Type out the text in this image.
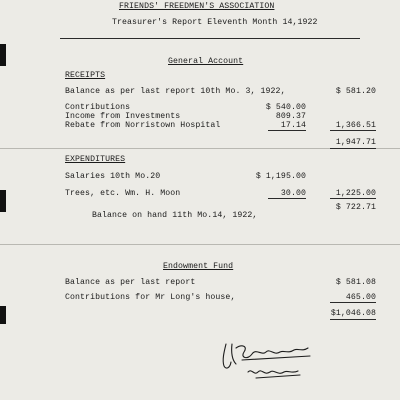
FRIENDS' FREEDMEN'S ASSOCIATION
Treasurer's Report Eleventh Month 14,1922
General Account
RECEIPTS
Balance as per last report 10th Mo. 3, 1922,	$ 581.20
Contributions	$ 540.00
Income from Investments	809.37
Rebate from Norristown Hospital	17.14	1,366.51
1,947.71
EXPENDITURES
Salaries 10th Mo.20	$ 1,195.00
Trees, etc. Wm. H. Moon	30.00	1,225.00
$ 722.71
Balance on hand 11th Mo.14, 1922,
Endowment Fund
Balance as per last report	$ 581.08
Contributions for Mr Long's house,	465.00
$1,046.08
